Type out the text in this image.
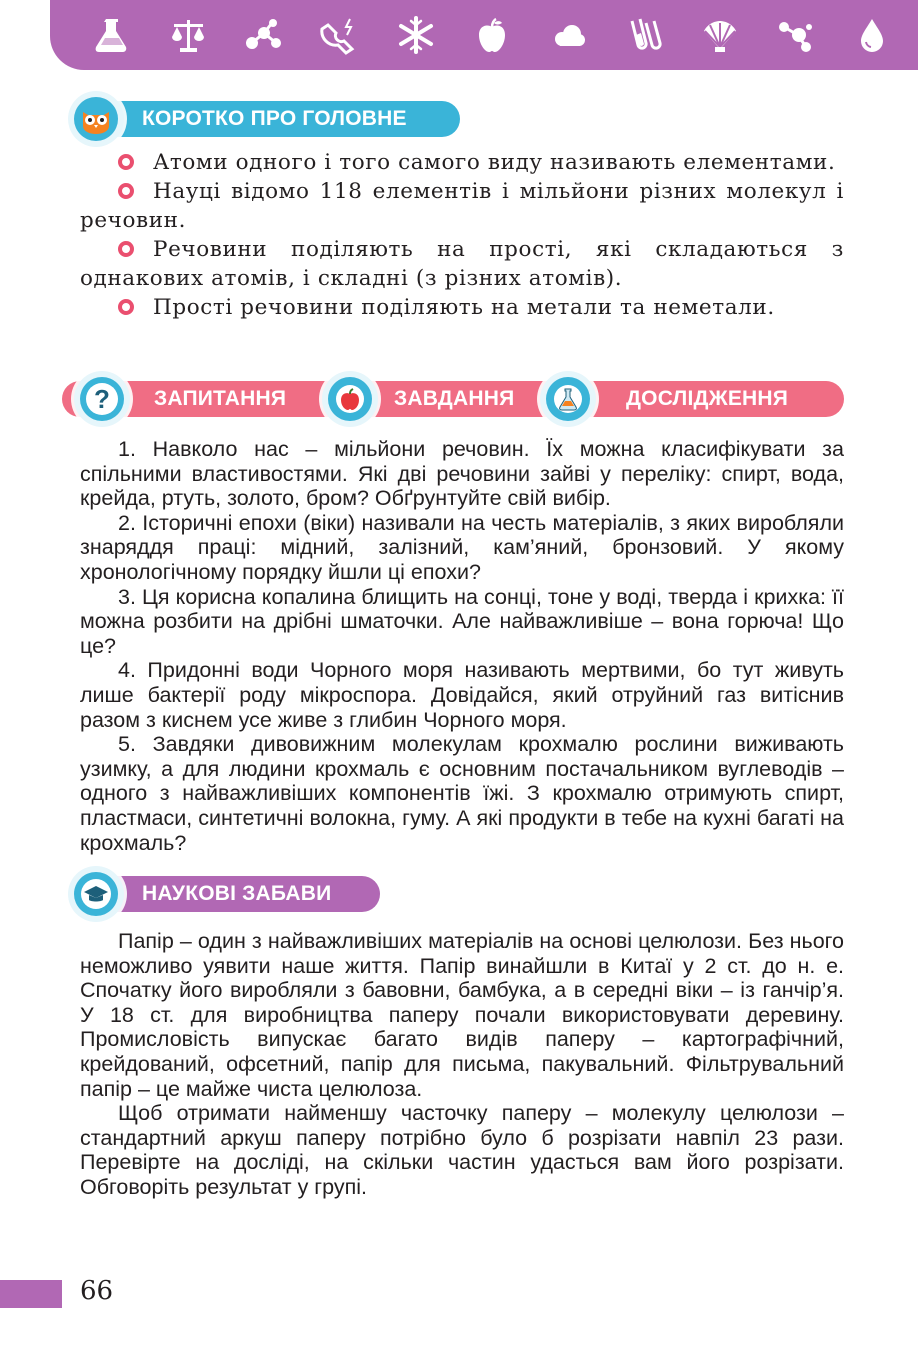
КОРОТКО ПРО ГОЛОВНЕ

Атоми одного і того самого виду називають елементами.

Науці відомо 118 елементів і мільйони різних молекул і речовин.

Речовини поділяють на прості, які складаються з однакових атомів, і складні (з різних атомів).

Прості речовини поділяють на метали та неметали.

ЗАПИТАННЯ	ЗАВДАННЯ	ДОСЛІДЖЕННЯ
?

1. Навколо нас – мільйони речовин. Їх можна класифікувати за спільними властивостями. Які дві речовини зайві у переліку: спирт, вода, крейда, ртуть, золото, бром? Обґрунтуйте свій вибір.

2. Історичні епохи (віки) називали на честь матеріалів, з яких виробляли знаряддя праці: мідний, залізний, кам’яний, бронзовий. У якому хронологічному порядку йшли ці епохи?

3. Ця корисна копалина блищить на сонці, тоне у воді, тверда і крихка: її можна розбити на дрібні шматочки. Але найважливіше – вона горюча! Що це?

4. Придонні води Чорного моря називають мертвими, бо тут живуть лише бактерії роду мікроспора. Довідайся, який отруйний газ витіснив разом з киснем усе живе з глибин Чорного моря.

5. Завдяки дивовижним молекулам крохмалю рослини виживають узимку, а для людини крохмаль є основним постачальником вуглеводів – одного з найважливіших компонентів їжі. З крохмалю отримують спирт, пластмаси, синтетичні волокна, гуму. А які продукти в тебе на кухні багаті на крохмаль?

НАУКОВІ ЗАБАВИ

Папір – один з найважливіших матеріалів на основі целюлози. Без нього неможливо уявити наше життя. Папір винайшли в Китаї у 2 ст. до н. е. Спочатку його виробляли з бавовни, бамбука, а в середні віки – із ганчір’я. У 18 ст. для виробництва паперу почали використовувати деревину. Промисловість випускає багато видів паперу – картографічний, крейдований, офсетний, папір для письма, пакувальний. Фільтрувальний папір – це майже чиста целюлоза.

Щоб отримати найменшу часточку паперу – молекулу целюлози – стандартний аркуш паперу потрібно було б розрізати навпіл 23 рази. Перевірте на досліді, на скільки частин удасться вам його розрізати. Обговоріть результат у групі.

66
